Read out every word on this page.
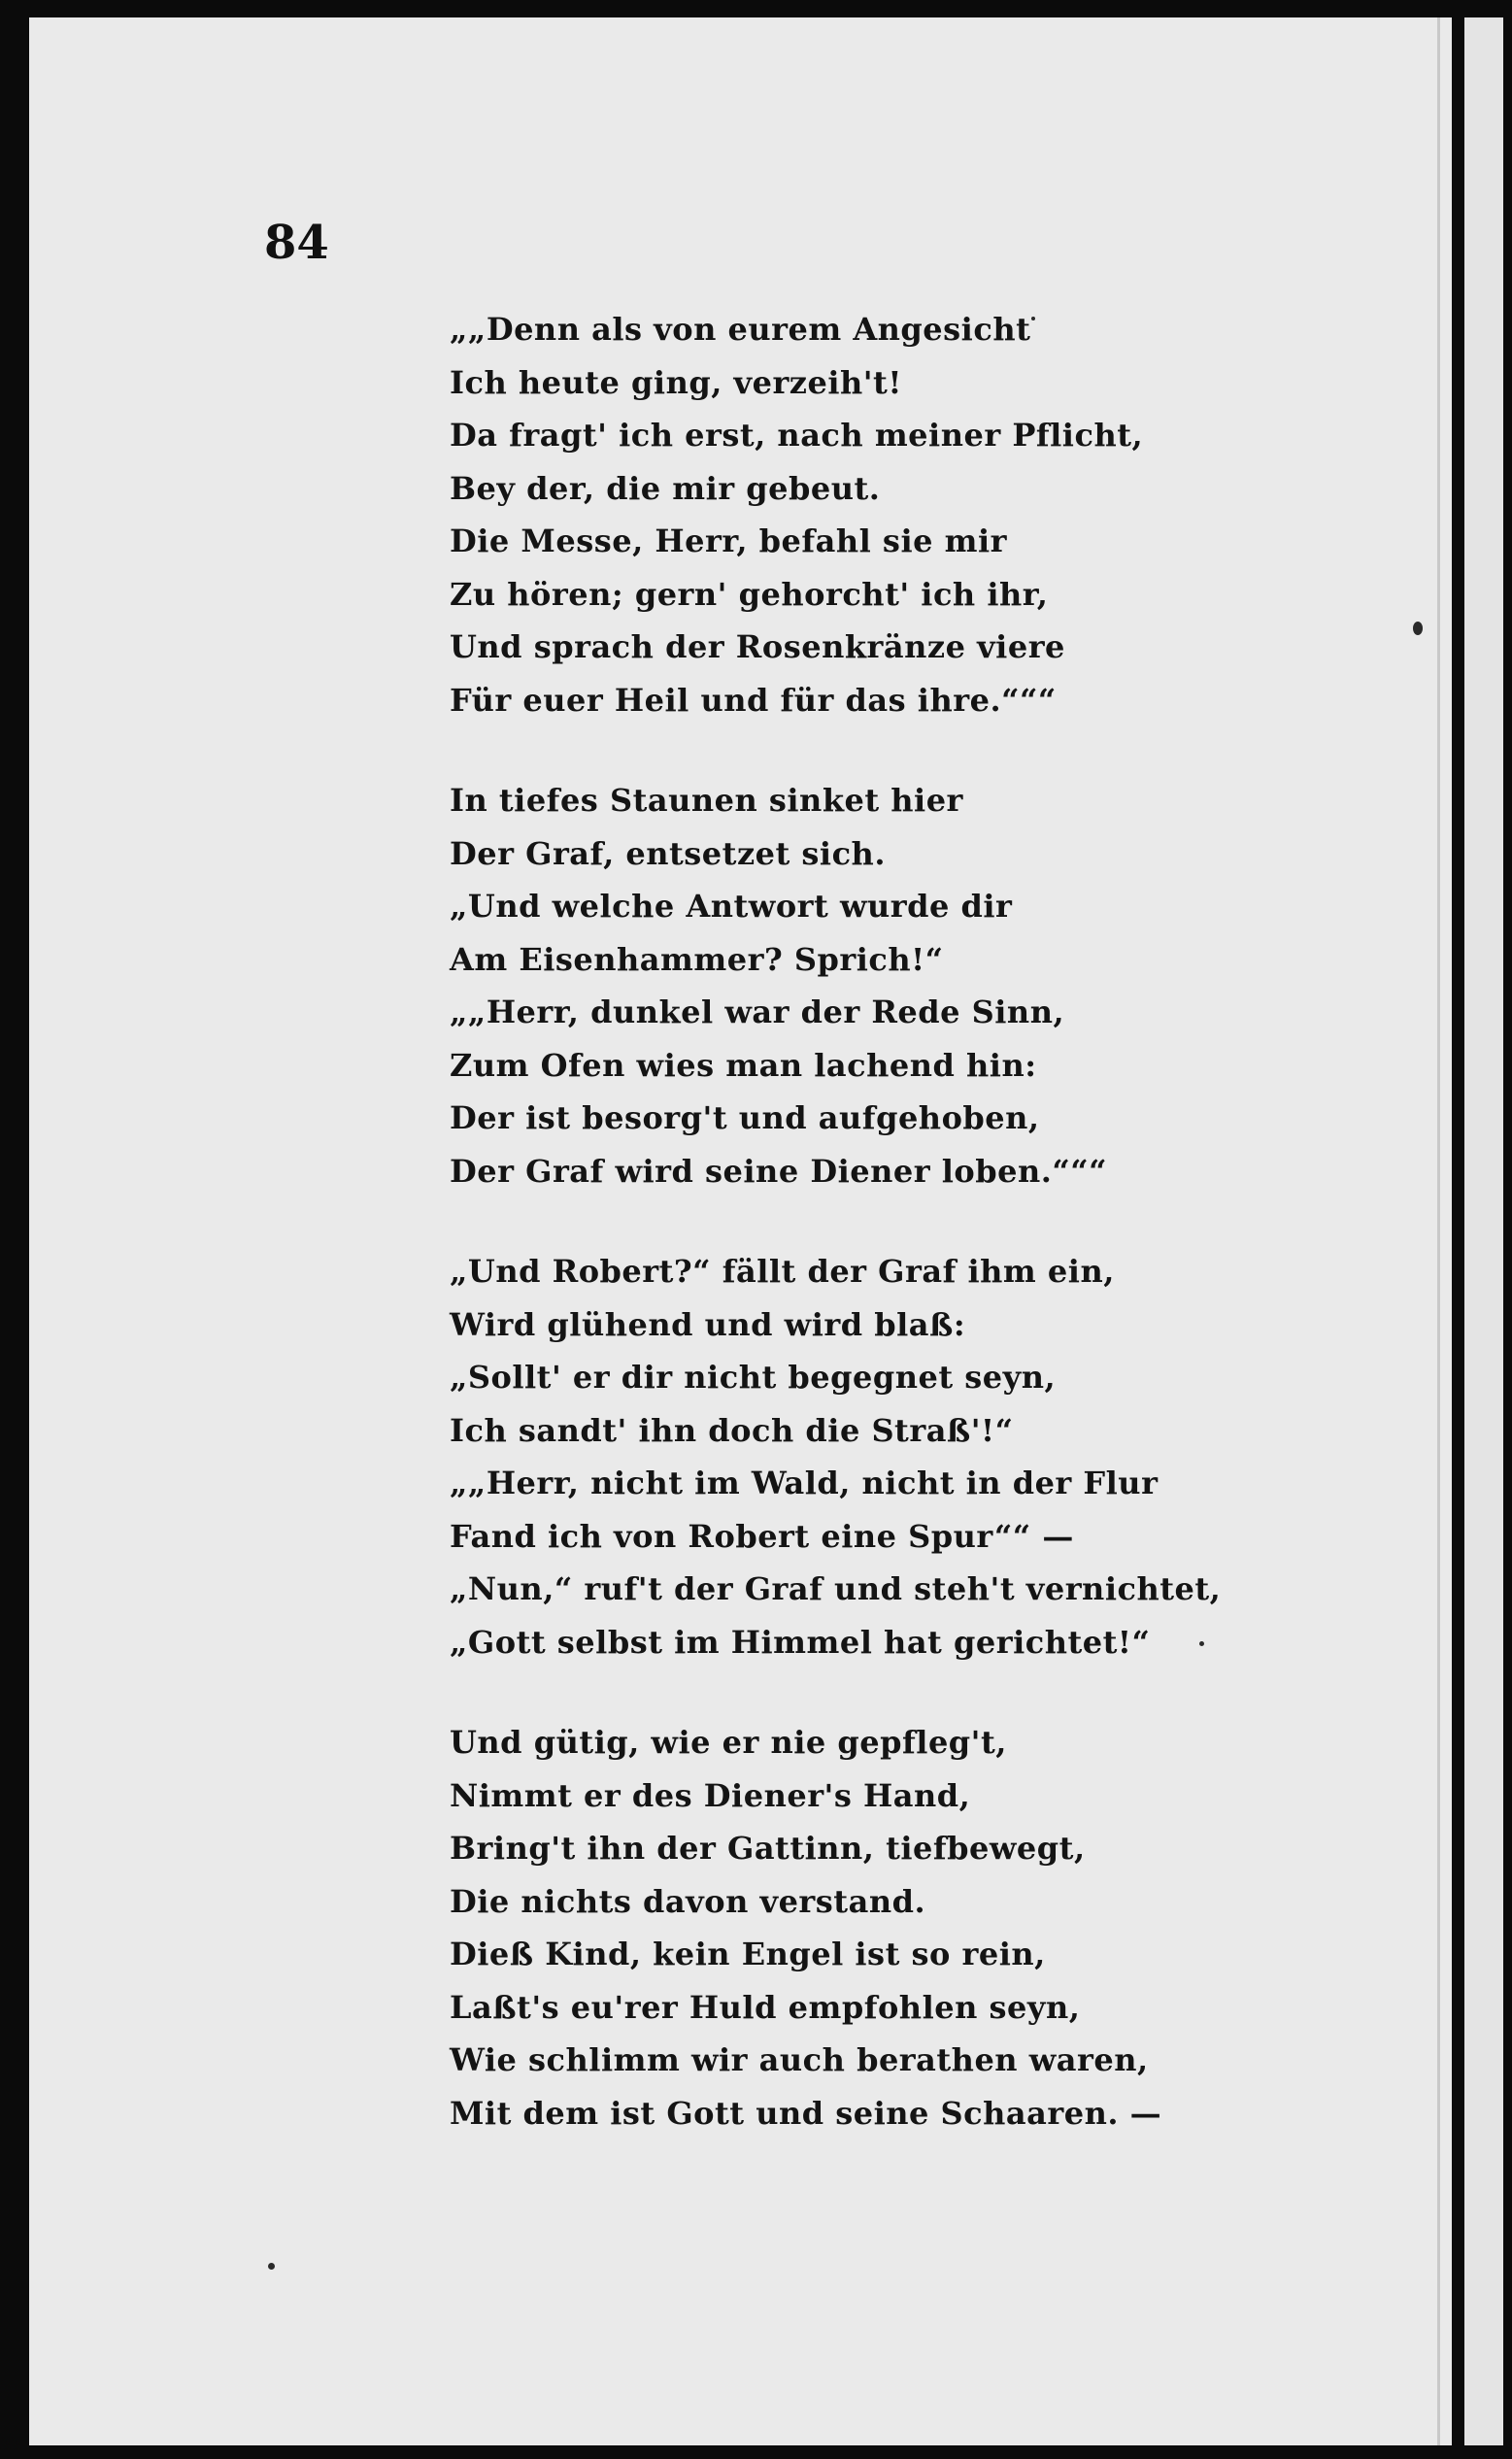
84
„„Denn als von eurem Angesicht
Ich heute ging, verzeih't!
Da fragt' ich erst, nach meiner Pflicht,
Bey der, die mir gebeut.
Die Messe, Herr, befahl sie mir
Zu hören; gern' gehorcht' ich ihr,
Und sprach der Rosenkränze viere
Für euer Heil und für das ihre.“““
In tiefes Staunen sinket hier
Der Graf, entsetzet sich.
„Und welche Antwort wurde dir
Am Eisenhammer? Sprich!“
„„Herr, dunkel war der Rede Sinn,
Zum Ofen wies man lachend hin:
Der ist besorg't und aufgehoben,
Der Graf wird seine Diener loben.“““
„Und Robert?“ fällt der Graf ihm ein,
Wird glühend und wird blaß:
„Sollt' er dir nicht begegnet seyn,
Ich sandt' ihn doch die Straß'!“
„„Herr, nicht im Wald, nicht in der Flur
Fand ich von Robert eine Spur““ —
„Nun,“ ruf't der Graf und steh't vernichtet,
„Gott selbst im Himmel hat gerichtet!“
Und gütig, wie er nie gepfleg't,
Nimmt er des Diener's Hand,
Bring't ihn der Gattinn, tiefbewegt,
Die nichts davon verstand.
Dieß Kind, kein Engel ist so rein,
Laßt's eu'rer Huld empfohlen seyn,
Wie schlimm wir auch berathen waren,
Mit dem ist Gott und seine Schaaren. —
